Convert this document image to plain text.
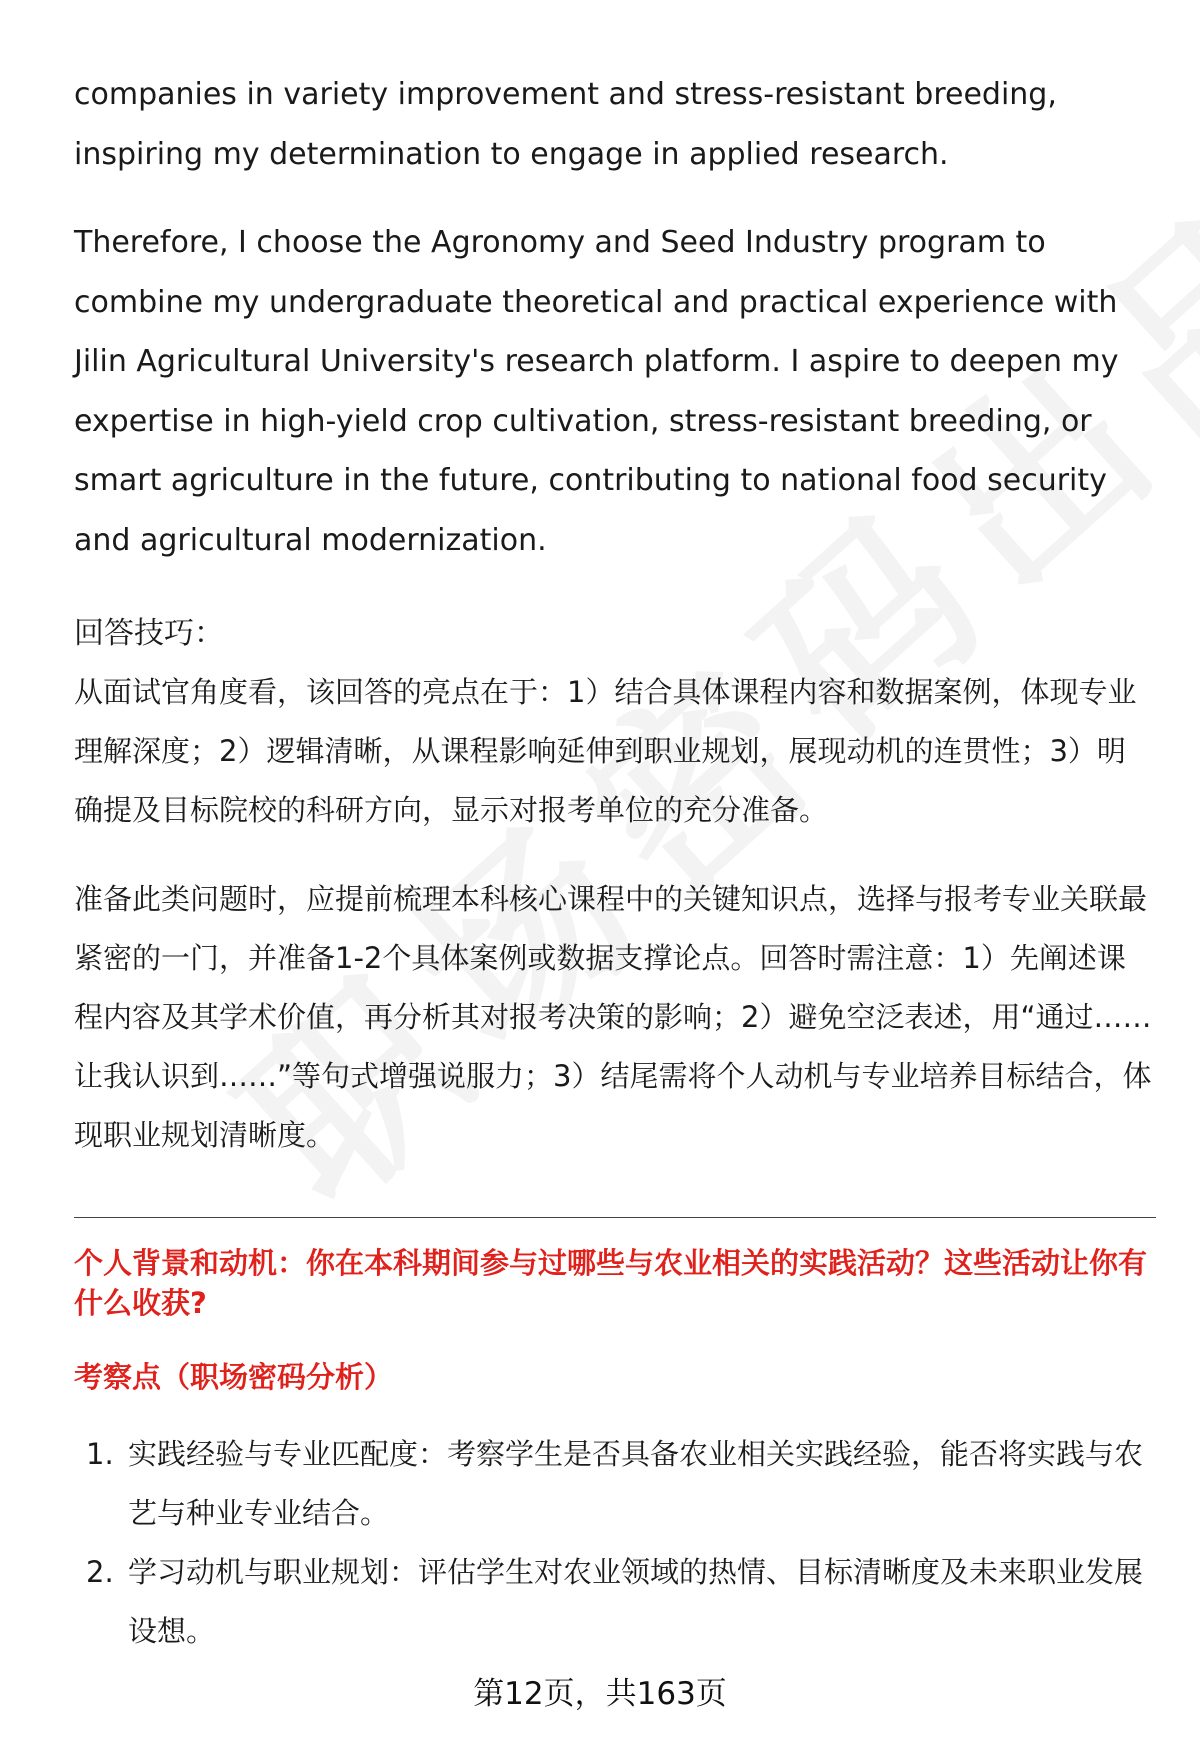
companies in variety improvement and stress-resistant breeding, inspiring my determination to engage in applied research.

Therefore, I choose the Agronomy and Seed Industry program to combine my undergraduate theoretical and practical experience with Jilin Agricultural University's research platform. I aspire to deepen my expertise in high-yield crop cultivation, stress-resistant breeding, or smart agriculture in the future, contributing to national food security and agricultural modernization.

回答技巧：

从面试官角度看，该回答的亮点在于：1）结合具体课程内容和数据案例，体现专业理解深度；2）逻辑清晰，从课程影响延伸到职业规划，展现动机的连贯性；3）明确提及目标院校的科研方向，显示对报考单位的充分准备。

准备此类问题时，应提前梳理本科核心课程中的关键知识点，选择与报考专业关联最紧密的一门，并准备1-2个具体案例或数据支撑论点。回答时需注意：1）先阐述课程内容及其学术价值，再分析其对报考决策的影响；2）避免空泛表述，用“通过……让我认识到……”等句式增强说服力；3）结尾需将个人动机与专业培养目标结合，体现职业规划清晰度。

个人背景和动机：你在本科期间参与过哪些与农业相关的实践活动？这些活动让你有什么收获?

考察点（职场密码分析）

1. 实践经验与专业匹配度：考察学生是否具备农业相关实践经验，能否将实践与农艺与种业专业结合。
2. 学习动机与职业规划：评估学生对农业领域的热情、目标清晰度及未来职业发展设想。
第12页，共163页
